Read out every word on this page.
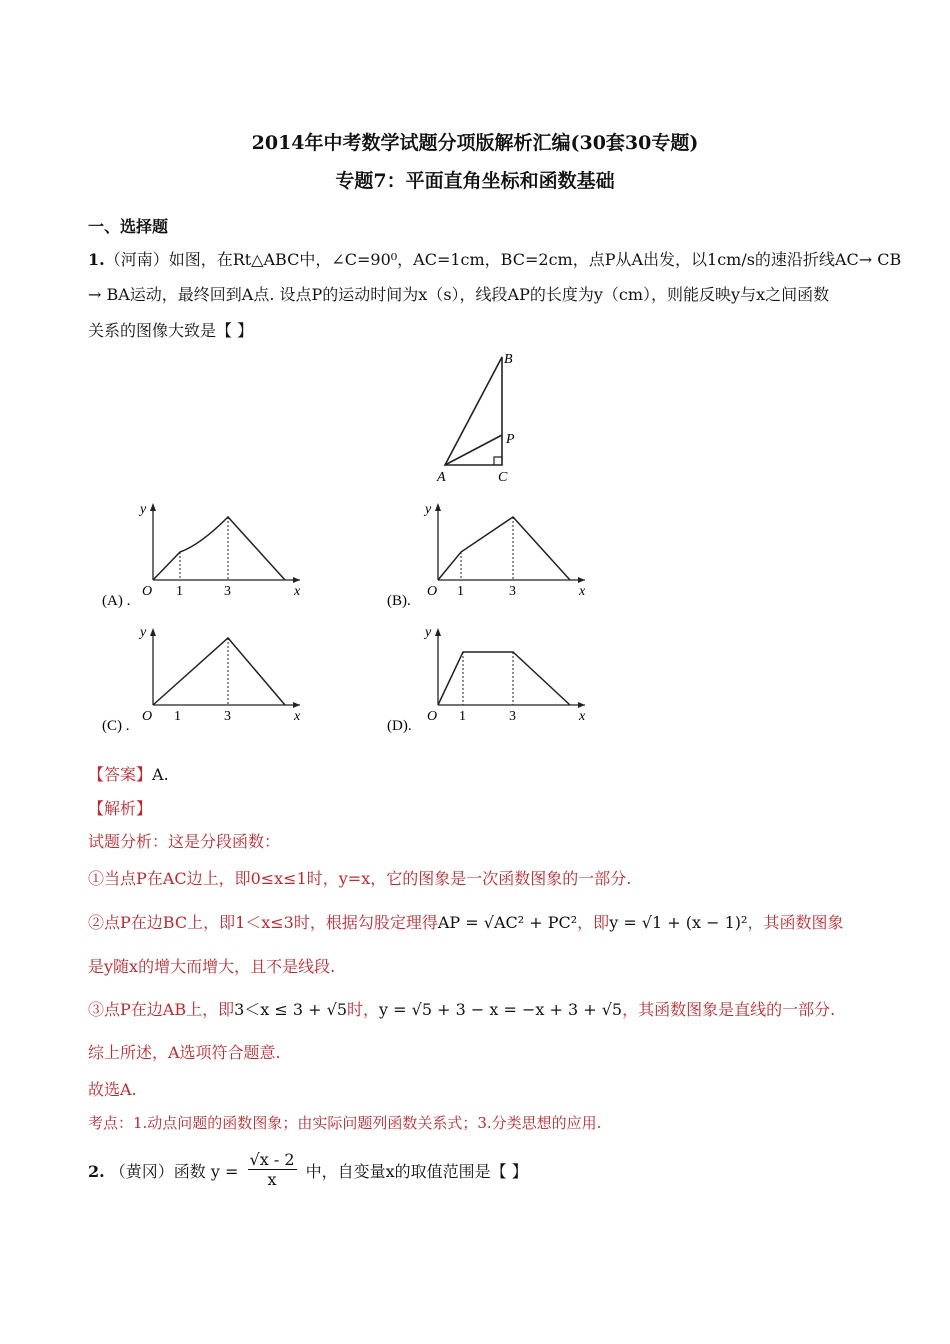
2014年中考数学试题分项版解析汇编(30套30专题)
专题7：平面直角坐标和函数基础
一、选择题
1.（河南）如图，在Rt△ABC中，∠C=90⁰，AC=1cm，BC=2cm，点P从A出发，以1cm/s的速沿折线AC→ CB
→ BA运动，最终回到A点. 设点P的运动时间为x（s），线段AP的长度为y（cm），则能反映y与x之间函数
关系的图像大致是【 】
B
P
A	C
y
O 1	3	x
(A) .
y
O 1	3	x
(B).
y
O 1	3	x
(C) .
y
O 1	3	x
(D).
【答案】A.
【解析】
试题分析：这是分段函数：
①当点P在AC边上，即0≤x≤1时，y=x，它的图象是一次函数图象的一部分.
②点P在边BC上，即1＜x≤3时，根据勾股定理得AP = √AC² + PC²，即y = √1 + (x − 1)²，其函数图象
是y随x的增大而增大，且不是线段.
③点P在边AB上，即3＜x ≤ 3 + √5时，y = √5 + 3 − x = −x + 3 + √5，其函数图象是直线的一部分.
综上所述，A选项符合题意.
故选A.
考点：1.动点问题的函数图象；由实际问题列函数关系式；3.分类思想的应用.
2. （黄冈）函数 $y = \frac{√x - 2}{x}$ 中，自变量x的取值范围是【 】
